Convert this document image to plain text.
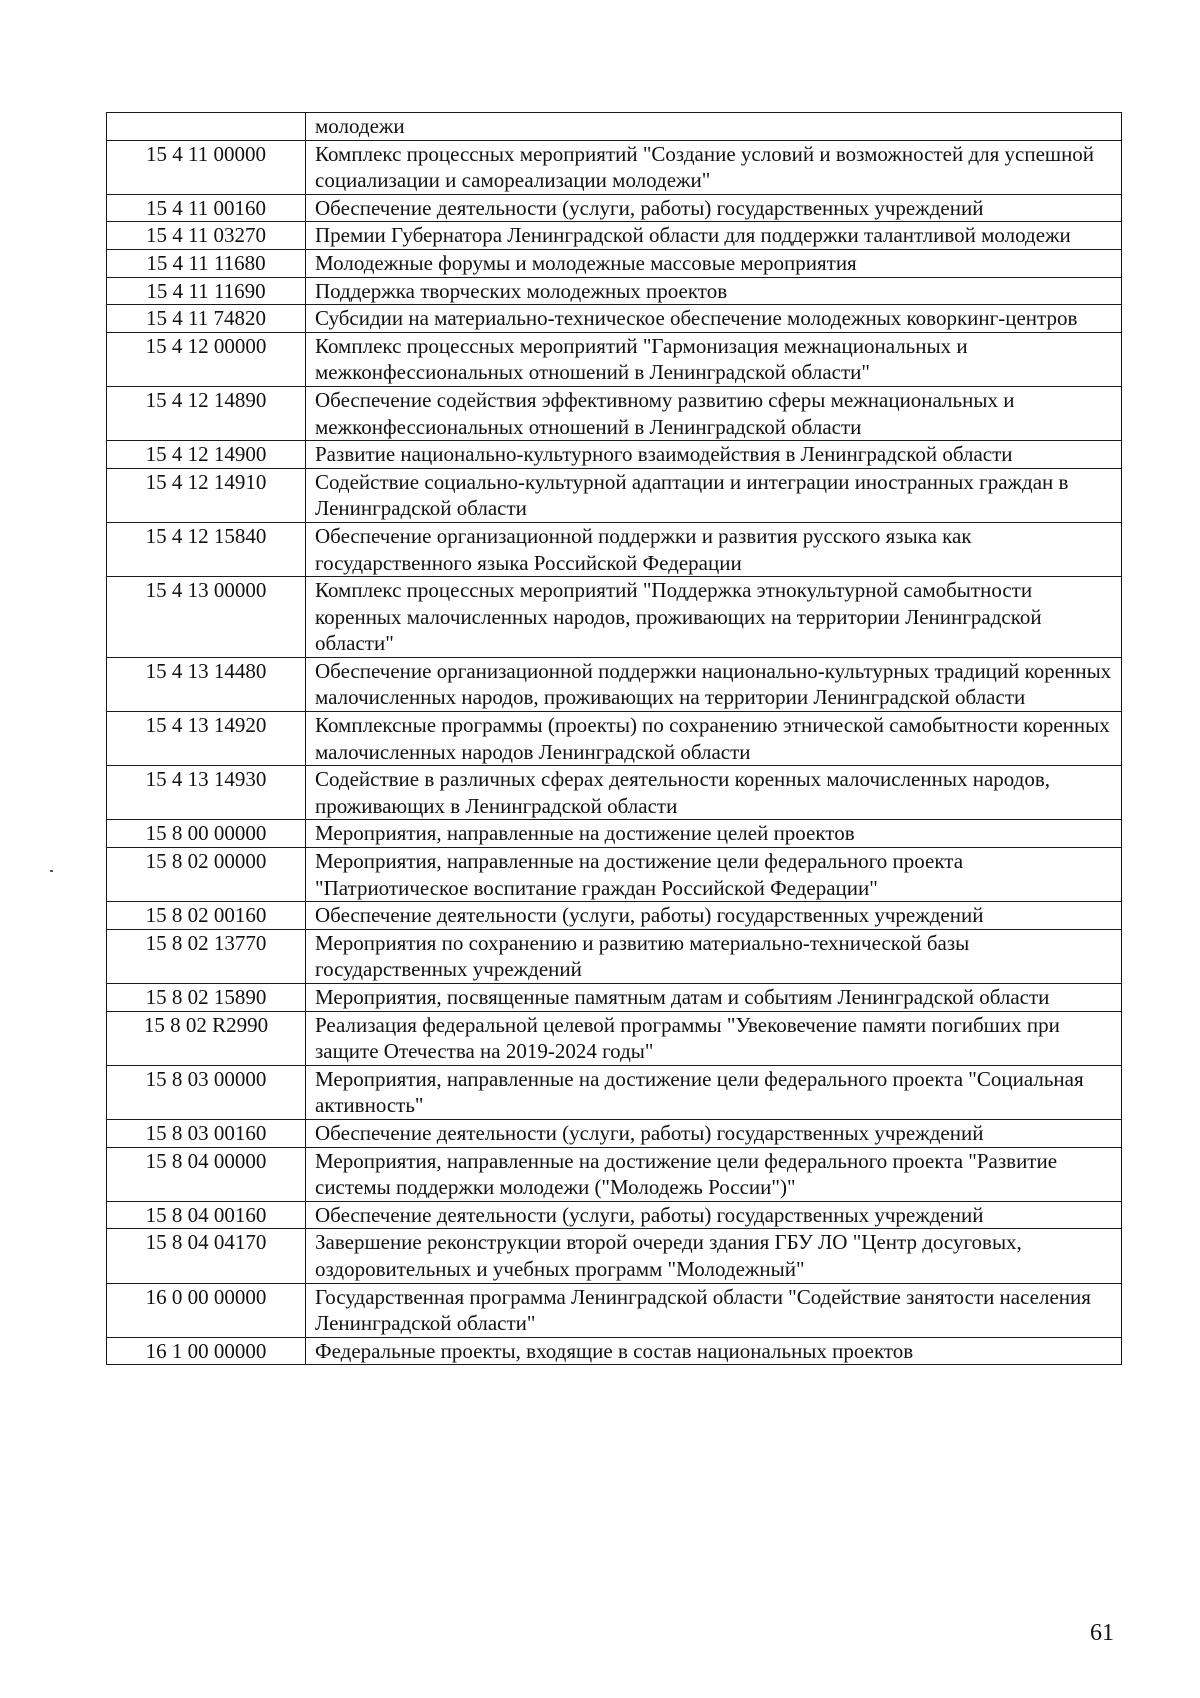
	молодежи
15 4 11 00000	Комплекс процессных мероприятий "Создание условий и возможностей для успешной социализации и самореализации молодежи"
15 4 11 00160	Обеспечение деятельности (услуги, работы) государственных учреждений
15 4 11 03270	Премии Губернатора Ленинградской области для поддержки талантливой молодежи
15 4 11 11680	Молодежные форумы и молодежные массовые мероприятия
15 4 11 11690	Поддержка творческих молодежных проектов
15 4 11 74820	Субсидии на материально-техническое обеспечение молодежных коворкинг-центров
15 4 12 00000	Комплекс процессных мероприятий "Гармонизация межнациональных и межконфессиональных отношений в Ленинградской области"
15 4 12 14890	Обеспечение содействия эффективному развитию сферы межнациональных и межконфессиональных отношений в Ленинградской области
15 4 12 14900	Развитие национально-культурного взаимодействия в Ленинградской области
15 4 12 14910	Содействие социально-культурной адаптации и интеграции иностранных граждан в Ленинградской области
15 4 12 15840	Обеспечение организационной поддержки и развития русского языка как государственного языка Российской Федерации
15 4 13 00000	Комплекс процессных мероприятий "Поддержка этнокультурной самобытности коренных малочисленных народов, проживающих на территории Ленинградской области"
15 4 13 14480	Обеспечение организационной поддержки национально-культурных традиций коренных малочисленных народов, проживающих на территории Ленинградской области
15 4 13 14920	Комплексные программы (проекты) по сохранению этнической самобытности коренных малочисленных народов Ленинградской области
15 4 13 14930	Содействие в различных сферах деятельности коренных малочисленных народов, проживающих в Ленинградской области
15 8 00 00000	Мероприятия, направленные на достижение целей проектов
15 8 02 00000	Мероприятия, направленные на достижение цели федерального проекта "Патриотическое воспитание граждан Российской Федерации"
15 8 02 00160	Обеспечение деятельности (услуги, работы) государственных учреждений
15 8 02 13770	Мероприятия по сохранению и развитию материально-технической базы государственных учреждений
15 8 02 15890	Мероприятия, посвященные памятным датам и событиям Ленинградской области
15 8 02 R2990	Реализация федеральной целевой программы "Увековечение памяти погибших при защите Отечества на 2019-2024 годы"
15 8 03 00000	Мероприятия, направленные на достижение цели федерального проекта "Социальная активность"
15 8 03 00160	Обеспечение деятельности (услуги, работы) государственных учреждений
15 8 04 00000	Мероприятия, направленные на достижение цели федерального проекта "Развитие системы поддержки молодежи ("Молодежь России")"
15 8 04 00160	Обеспечение деятельности (услуги, работы) государственных учреждений
15 8 04 04170	Завершение реконструкции второй очереди здания ГБУ ЛО "Центр досуговых, оздоровительных и учебных программ "Молодежный"
16 0 00 00000	Государственная программа Ленинградской области "Содействие занятости населения Ленинградской области"
16 1 00 00000	Федеральные проекты, входящие в состав национальных проектов
61
